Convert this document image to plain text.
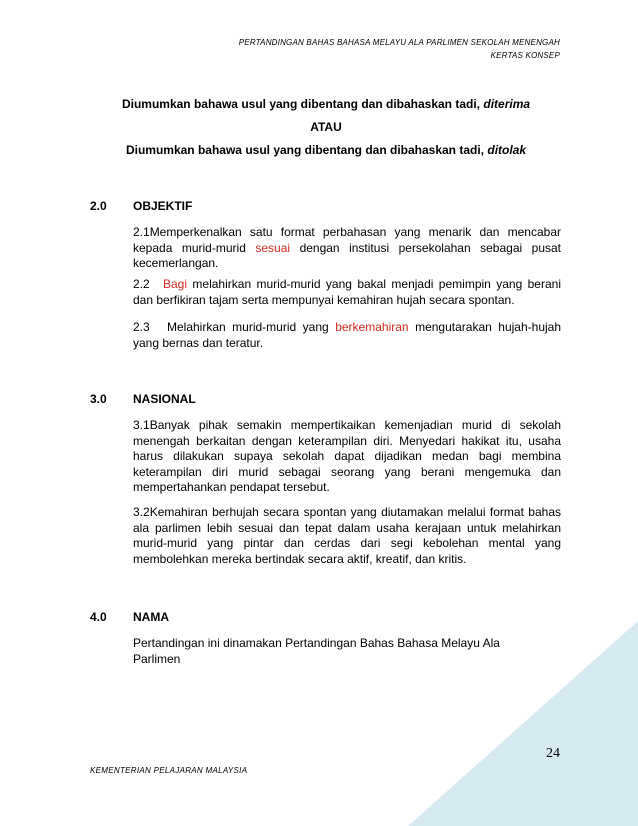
PERTANDINGAN BAHAS BAHASA MELAYU ALA PARLIMEN SEKOLAH MENENGAH
KERTAS KONSEP
Diumumkan bahawa usul yang dibentang dan dibahaskan tadi, diterima
ATAU
Diumumkan bahawa usul yang dibentang dan dibahaskan tadi, ditolak
2.0 OBJEKTIF
2.1Memperkenalkan satu format perbahasan yang menarik dan mencabar kepada murid-murid sesuai dengan institusi persekolahan sebagai pusat kecemerlangan.
2.2 Bagi melahirkan murid-murid yang bakal menjadi pemimpin yang berani dan berfikiran tajam serta mempunyai kemahiran hujah secara spontan.
2.3 Melahirkan murid-murid yang berkemahiran mengutarakan hujah-hujah yang bernas dan teratur.
3.0 NASIONAL
3.1Banyak pihak semakin mempertikaikan kemenjadian murid di sekolah menengah berkaitan dengan keterampilan diri. Menyedari hakikat itu, usaha harus dilakukan supaya sekolah dapat dijadikan medan bagi membina keterampilan diri murid sebagai seorang yang berani mengemuka dan mempertahankan pendapat tersebut.
3.2Kemahiran berhujah secara spontan yang diutamakan melalui format bahas ala parlimen lebih sesuai dan tepat dalam usaha kerajaan untuk melahirkan murid-murid yang pintar dan cerdas dari segi kebolehan mental yang membolehkan mereka bertindak secara aktif, kreatif, dan kritis.
4.0 NAMA
Pertandingan ini dinamakan Pertandingan Bahas Bahasa Melayu Ala Parlimen
24
KEMENTERIAN PELAJARAN MALAYSIA
